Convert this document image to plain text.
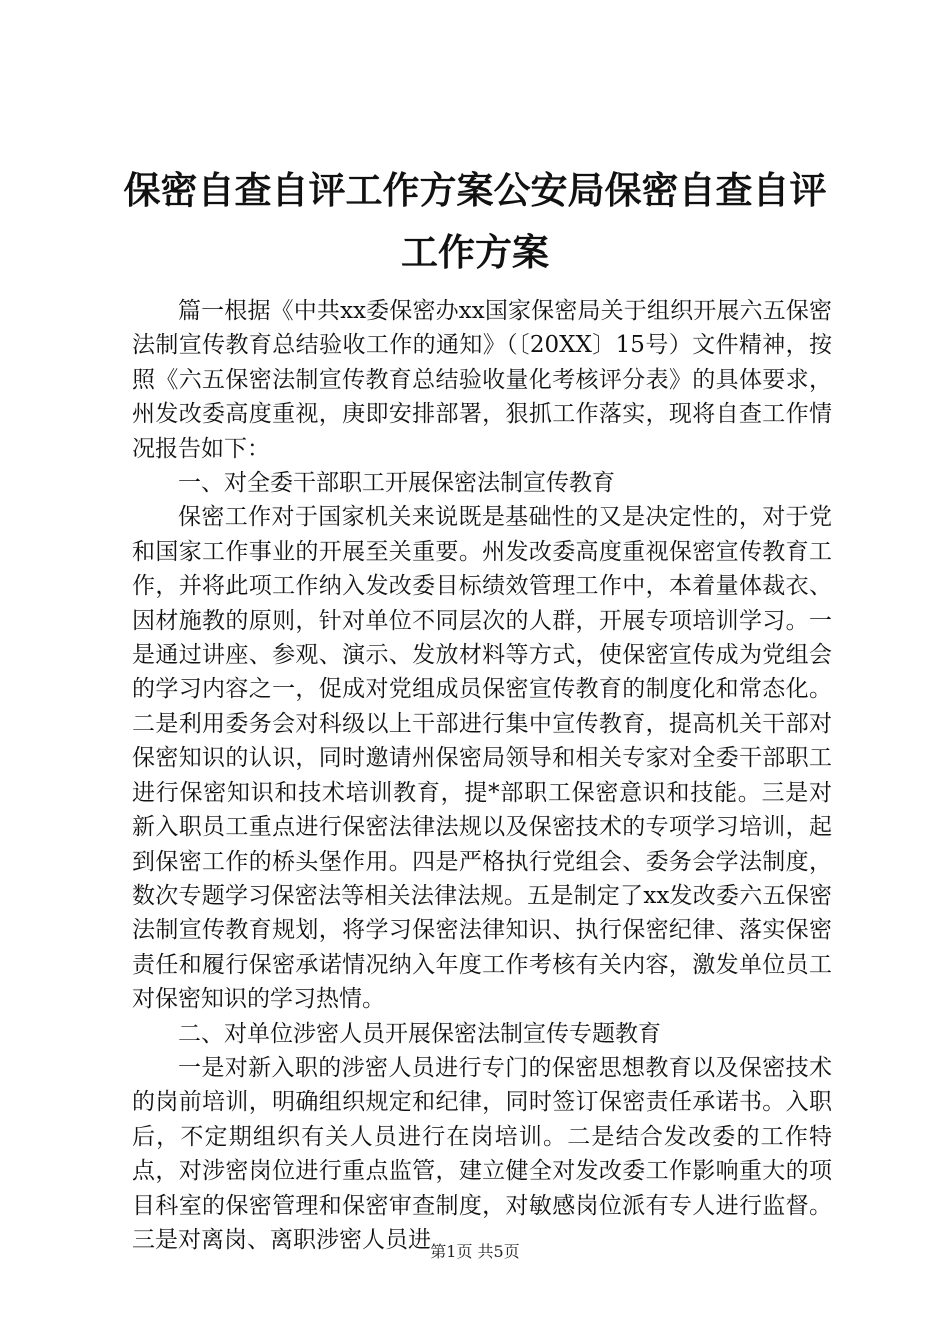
保密自查自评工作方案公安局保密自查自评工作方案

篇一根据《中共xx委保密办xx国家保密局关于组织开展六五保密法制宣传教育总结验收工作的通知》（〔20XX〕15号）文件精神，按照《六五保密法制宣传教育总结验收量化考核评分表》的具体要求，州发改委高度重视，庚即安排部署，狠抓工作落实，现将自查工作情况报告如下：

一、对全委干部职工开展保密法制宣传教育

保密工作对于国家机关来说既是基础性的又是决定性的，对于党和国家工作事业的开展至关重要。州发改委高度重视保密宣传教育工作，并将此项工作纳入发改委目标绩效管理工作中，本着量体裁衣、因材施教的原则，针对单位不同层次的人群，开展专项培训学习。一是通过讲座、参观、演示、发放材料等方式，使保密宣传成为党组会的学习内容之一，促成对党组成员保密宣传教育的制度化和常态化。二是利用委务会对科级以上干部进行集中宣传教育，提高机关干部对保密知识的认识，同时邀请州保密局领导和相关专家对全委干部职工进行保密知识和技术培训教育，提*部职工保密意识和技能。三是对新入职员工重点进行保密法律法规以及保密技术的专项学习培训，起到保密工作的桥头堡作用。四是严格执行党组会、委务会学法制度，数次专题学习保密法等相关法律法规。五是制定了xx发改委六五保密法制宣传教育规划，将学习保密法律知识、执行保密纪律、落实保密责任和履行保密承诺情况纳入年度工作考核有关内容，激发单位员工对保密知识的学习热情。

二、对单位涉密人员开展保密法制宣传专题教育

一是对新入职的涉密人员进行专门的保密思想教育以及保密技术的岗前培训，明确组织规定和纪律，同时签订保密责任承诺书。入职后，不定期组织有关人员进行在岗培训。二是结合发改委的工作特点，对涉密岗位进行重点监管，建立健全对发改委工作影响重大的项目科室的保密管理和保密审查制度，对敏感岗位派有专人进行监督。三是对离岗、离职涉密人员进 第1页 共5页
